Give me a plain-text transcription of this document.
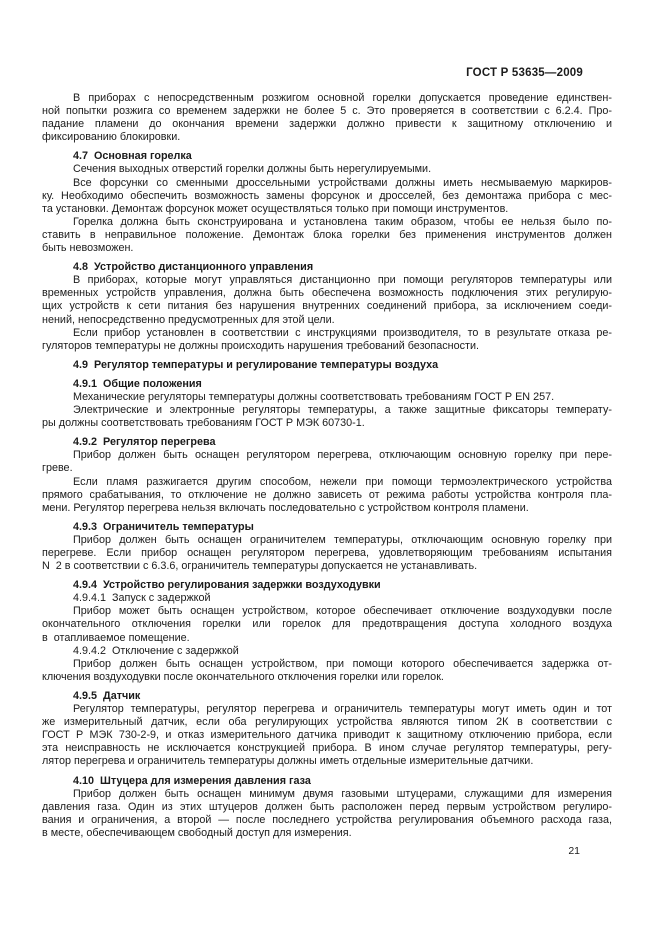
ГОСТ Р 53635—2009
В приборах с непосредственным розжигом основной горелки допускается проведение единствен-
ной попытки розжига со временем задержки не более 5 с. Это проверяется в соответствии с 6.2.4. Про-
падание пламени до окончания времени задержки должно привести к защитному отключению и
фиксированию блокировки.
4.7  Основная горелка
Сечения выходных отверстий горелки должны быть нерегулируемыми.
Все форсунки со сменными дроссельными устройствами должны иметь несмываемую маркиров-
ку. Необходимо обеспечить возможность замены форсунок и дросселей, без демонтажа прибора с мес-
та установки. Демонтаж форсунок может осуществляться только при помощи инструментов.
Горелка должна быть сконструирована и установлена таким образом, чтобы ее нельзя было по-
ставить в неправильное положение. Демонтаж блока горелки без применения инструментов должен
быть невозможен.
4.8  Устройство дистанционного управления
В приборах, которые могут управляться дистанционно при помощи регуляторов температуры или
временных устройств управления, должна быть обеспечена возможность подключения этих регулирую-
щих устройств к сети питания без нарушения внутренних соединений прибора, за исключением соеди-
нений, непосредственно предусмотренных для этой цели.
Если прибор установлен в соответствии с инструкциями производителя, то в результате отказа ре-
гуляторов температуры не должны происходить нарушения требований безопасности.
4.9  Регулятор температуры и регулирование температуры воздуха
4.9.1  Общие положения
Механические регуляторы температуры должны соответствовать требованиям ГОСТ Р EN 257.
Электрические и электронные регуляторы температуры, а также защитные фиксаторы температу-
ры должны соответствовать требованиям ГОСТ Р МЭК 60730-1.
4.9.2  Регулятор перегрева
Прибор должен быть оснащен регулятором перегрева, отключающим основную горелку при пере-
греве.
Если пламя разжигается другим способом, нежели при помощи термоэлектрического устройства
прямого срабатывания, то отключение не должно зависеть от режима работы устройства контроля пла-
мени. Регулятор перегрева нельзя включать последовательно с устройством контроля пламени.
4.9.3  Ограничитель температуры
Прибор должен быть оснащен ограничителем температуры, отключающим основную горелку при
перегреве. Если прибор оснащен регулятором перегрева, удовлетворяющим требованиям испытания
N  2 в соответствии с 6.3.6, ограничитель температуры допускается не устанавливать.
4.9.4  Устройство регулирования задержки воздуходувки
4.9.4.1  Запуск с задержкой
Прибор может быть оснащен устройством, которое обеспечивает отключение воздуходувки после
окончательного отключения горелки или горелок для предотвращения доступа холодного воздуха
в  отапливаемое помещение.
4.9.4.2  Отключение с задержкой
Прибор должен быть оснащен устройством, при помощи которого обеспечивается задержка от-
ключения воздуходувки после окончательного отключения горелки или горелок.
4.9.5  Датчик
Регулятор температуры, регулятор перегрева и ограничитель температуры могут иметь один и тот
же измерительный датчик, если оба регулирующих устройства являются типом 2К в соответствии с
ГОСТ Р МЭК 730-2-9, и отказ измерительного датчика приводит к защитному отключению прибора, если
эта неисправность не исключается конструкцией прибора. В ином случае регулятор температуры, регу-
лятор перегрева и ограничитель температуры должны иметь отдельные измерительные датчики.
4.10  Штуцера для измерения давления газа
Прибор должен быть оснащен минимум двумя газовыми штуцерами, служащими для измерения
давления газа. Один из этих штуцеров должен быть расположен перед первым устройством регулиро-
вания и ограничения, а второй — после последнего устройства регулирования объемного расхода газа,
в месте, обеспечивающем свободный доступ для измерения.
21
